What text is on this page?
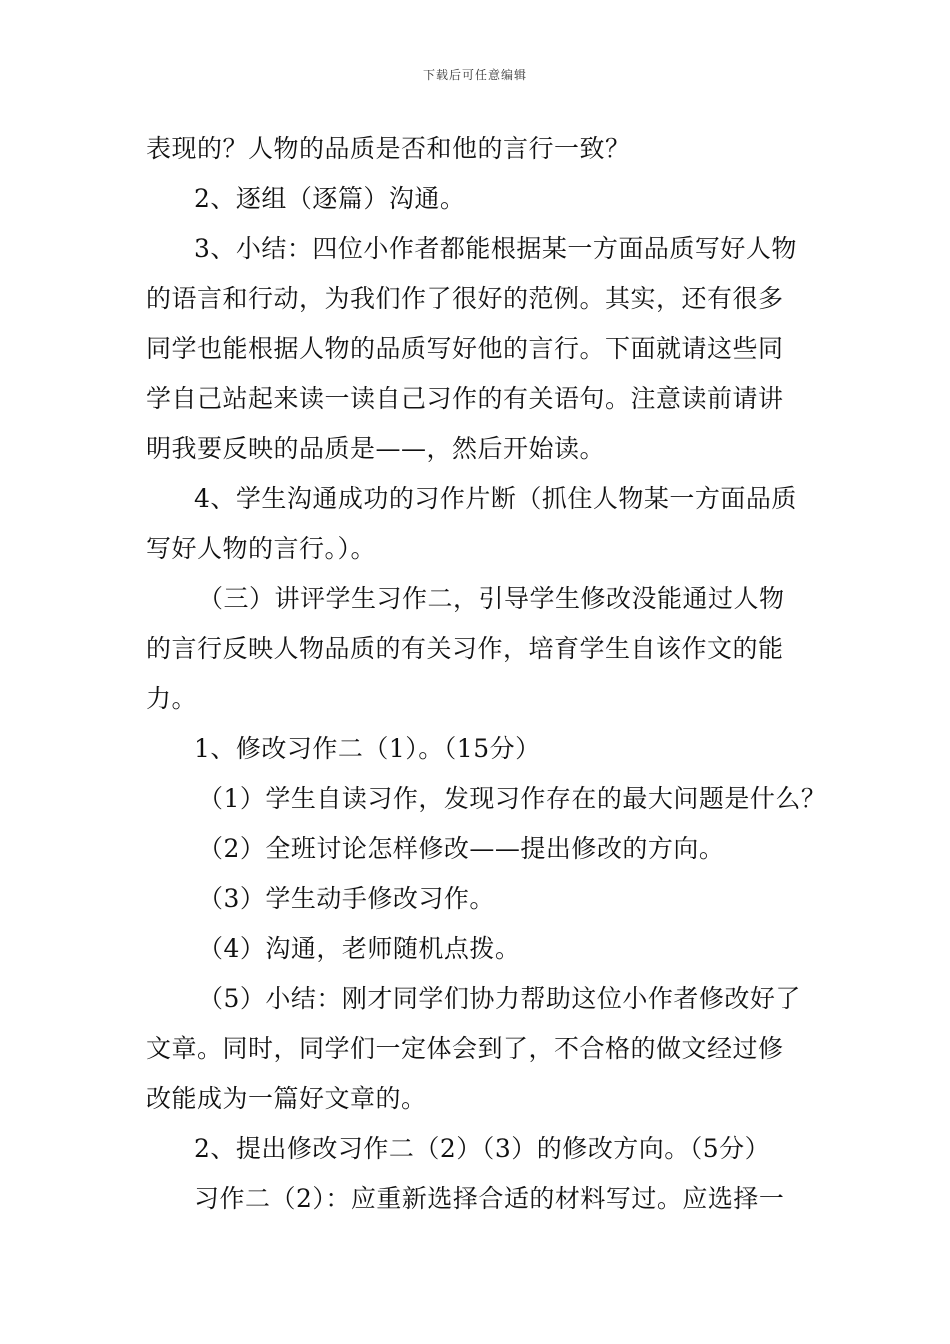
下载后可任意编辑
表现的？人物的品质是否和他的言行一致？
2、逐组（逐篇）沟通。
3、小结：四位小作者都能根据某一方面品质写好人物
的语言和行动，为我们作了很好的范例。其实，还有很多
同学也能根据人物的品质写好他的言行。下面就请这些同
学自己站起来读一读自己习作的有关语句。注意读前请讲
明我要反映的品质是——，然后开始读。
4、学生沟通成功的习作片断（抓住人物某一方面品质
写好人物的言行。）。
（三）讲评学生习作二，引导学生修改没能通过人物
的言行反映人物品质的有关习作，培育学生自该作文的能
力。
1、修改习作二（1）。（15分）
（1）学生自读习作，发现习作存在的最大问题是什么？
（2）全班讨论怎样修改——提出修改的方向。
（3）学生动手修改习作。
（4）沟通，老师随机点拨。
（5）小结：刚才同学们协力帮助这位小作者修改好了
文章。同时，同学们一定体会到了，不合格的做文经过修
改能成为一篇好文章的。
2、提出修改习作二（2）（3）的修改方向。（5分）
习作二（2）：应重新选择合适的材料写过。应选择一
